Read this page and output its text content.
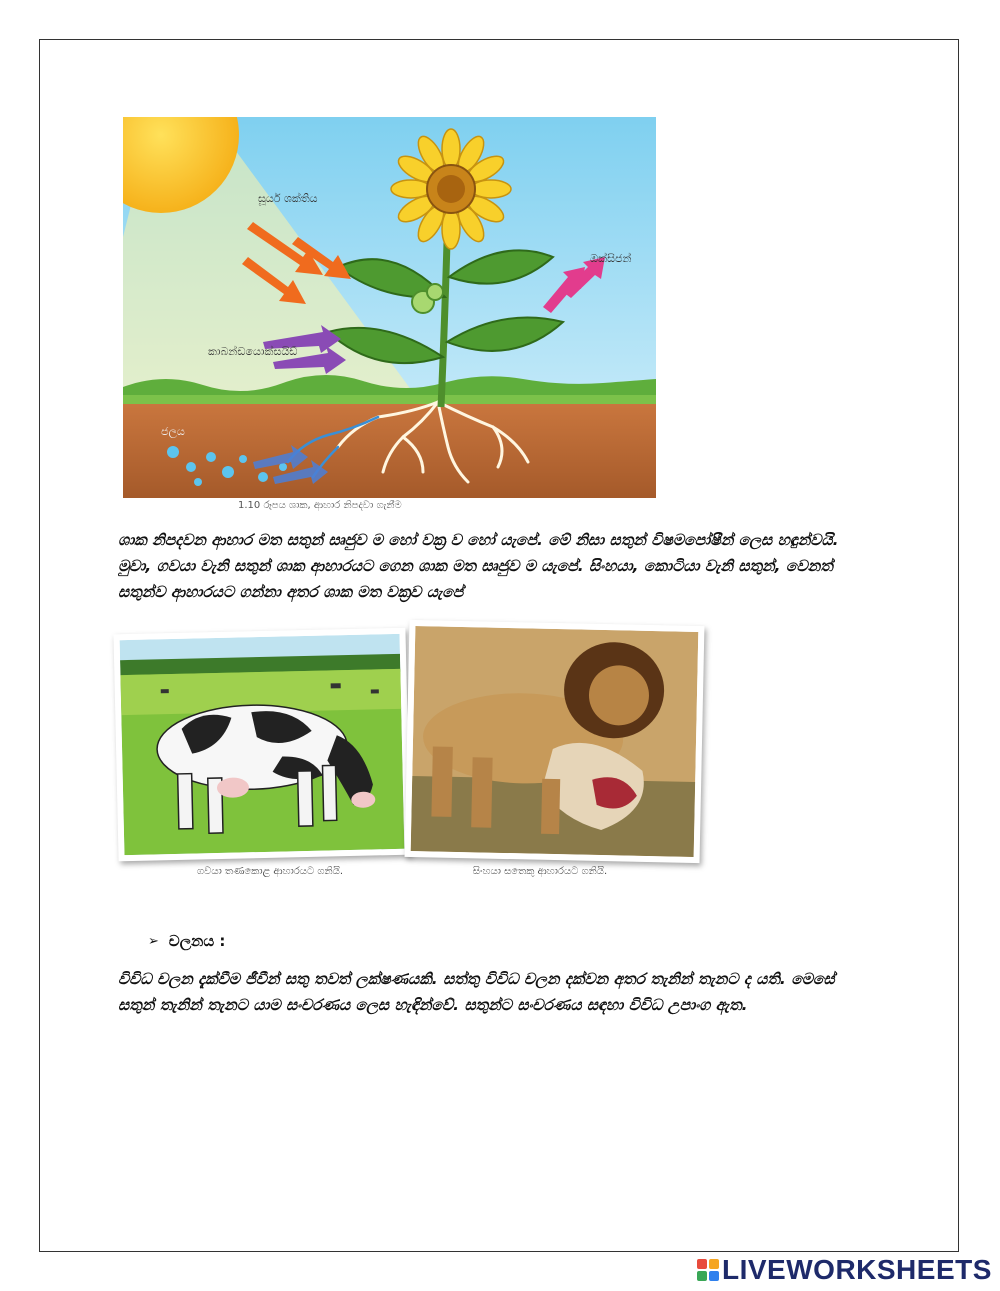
සූර්ය ශක්තිය
ඔක්සිජන්
කාබන්ඩයොක්සයිඩ්
ජලය
1.10 රූපය ශාක, ආහාර නිපදවා ගැනීම
ශාක නිපදවන ආහාර මත සතුන් සෘජුව ම හෝ වක්‍ර ව හෝ යැපේ. මේ නිසා සතුන් විෂමපෝෂීන් ලෙස හඳුන්වයි. මුවා, ගවයා වැනි සතුන් ශාක ආහාරයට ගෙන ශාක මත සෘජුව ම යැපේ. සිංහයා, කොටියා වැනි සතුන්, වෙනත් සතුන්ව ආහාරයට ගන්නා අතර ශාක මත වක්‍රව යැපේ
ගවයා තණකොළ ආහාරයට ගනියි.	සිංහයා සතෙකු ආහාරයට ගනියි.
➢ චලනය :
විවිධ චලන දැක්වීම ජීවීන් සතු තවත් ලක්ෂණයකි. සත්තු විවිධ චලන දක්වන අතර තැනින් තැනට ද යති. මෙසේ සතුන් තැනින් තැනට යාම සංචරණය ලෙස හැඳින්වේ. සතුන්ට සංචරණය සඳහා විවිධ උපාංග ඇත.
LIVEWORKSHEETS
